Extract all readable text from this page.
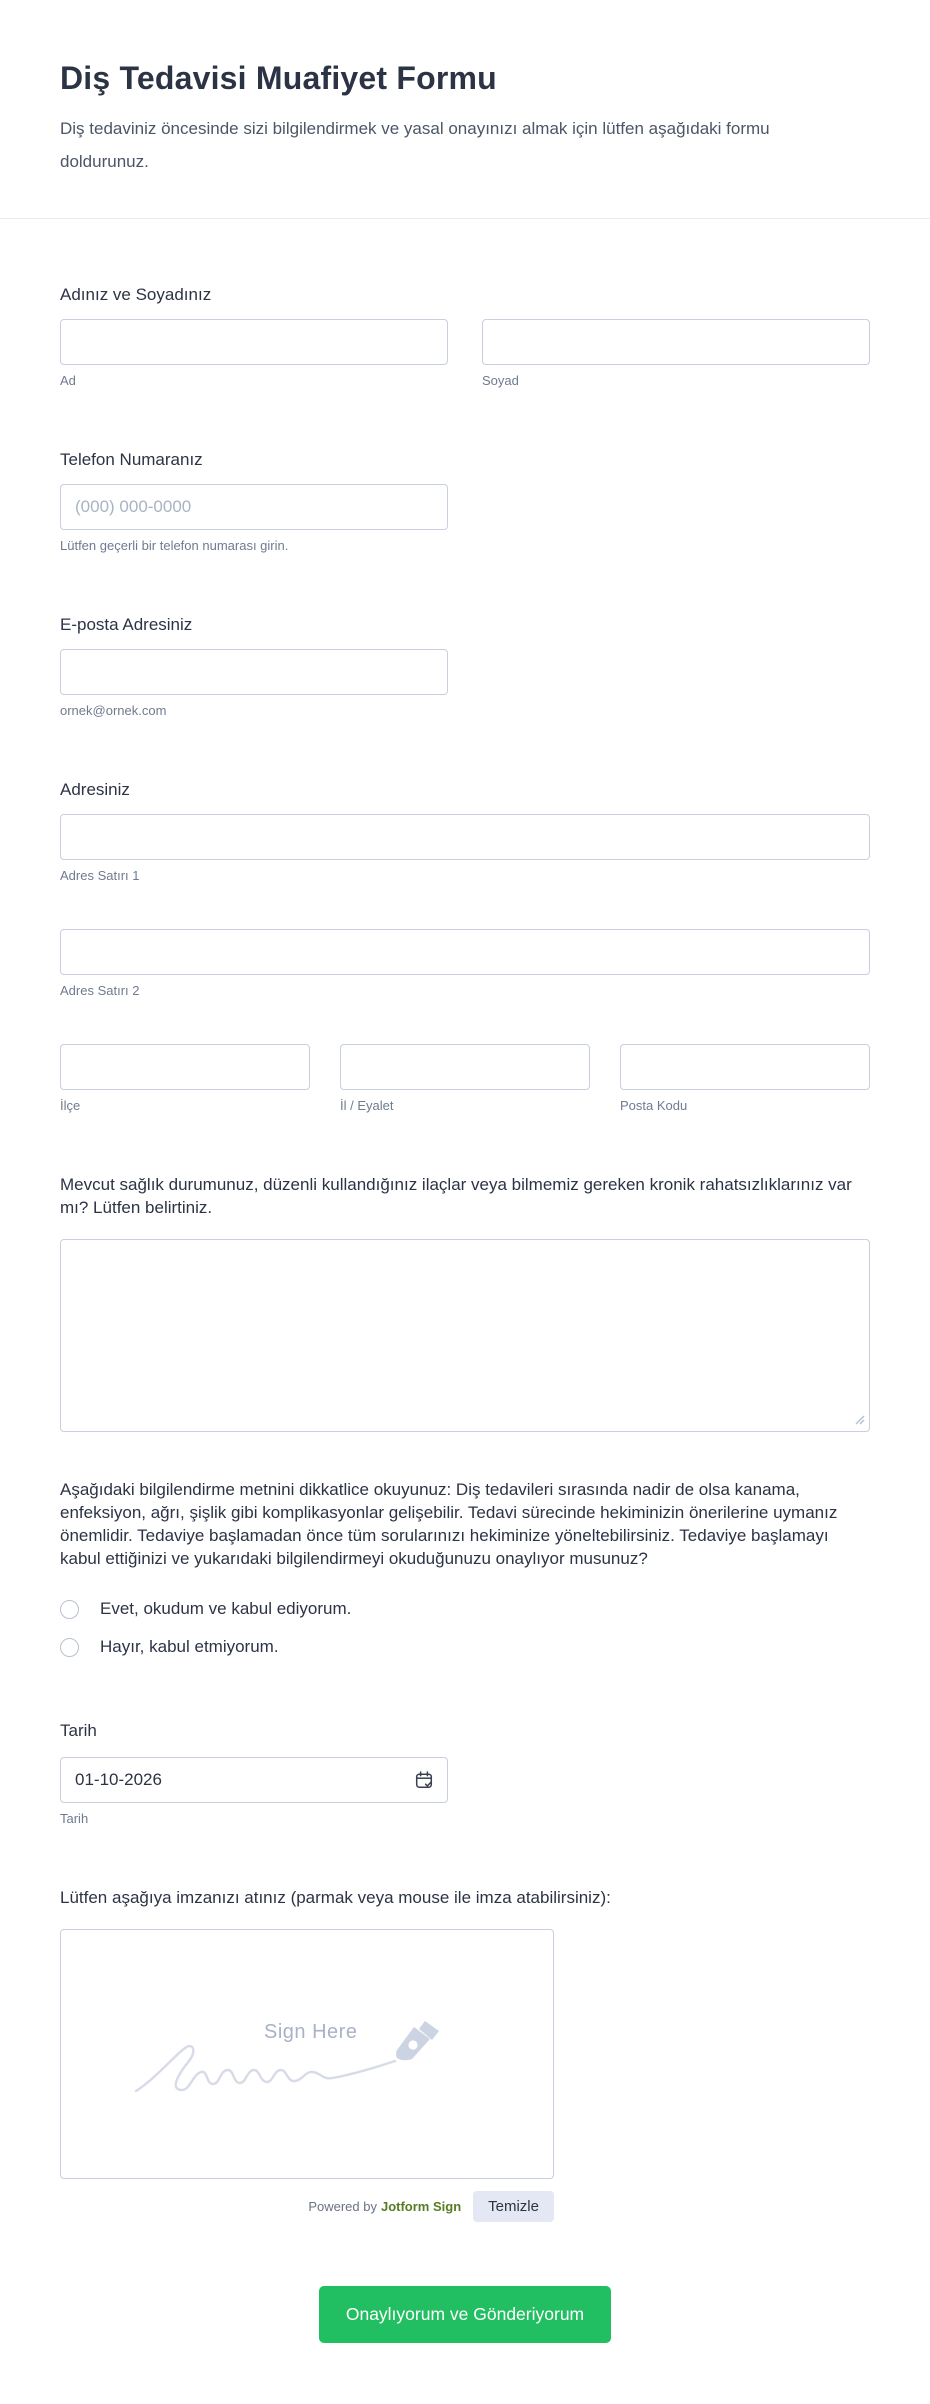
Diş Tedavisi Muafiyet Formu

Diş tedaviniz öncesinde sizi bilgilendirmek ve yasal onayınızı almak için lütfen aşağıdaki formu doldurunuz.

Adınız ve Soyadınız
Ad	Soyad
Telefon Numaranız
(000) 000-0000
Lütfen geçerli bir telefon numarası girin.
E-posta Adresiniz
ornek@ornek.com
Adresiniz
Adres Satırı 1
Adres Satırı 2
İlçe	İl / Eyalet	Posta Kodu
Mevcut sağlık durumunuz, düzenli kullandığınız ilaçlar veya bilmemiz gereken kronik rahatsızlıklarınız var mı? Lütfen belirtiniz.
Aşağıdaki bilgilendirme metnini dikkatlice okuyunuz: Diş tedavileri sırasında nadir de olsa kanama, enfeksiyon, ağrı, şişlik gibi komplikasyonlar gelişebilir. Tedavi sürecinde hekiminizin önerilerine uymanız önemlidir. Tedaviye başlamadan önce tüm sorularınızı hekiminize yöneltebilirsiniz. Tedaviye başlamayı kabul ettiğinizi ve yukarıdaki bilgilendirmeyi okuduğunuzu onaylıyor musunuz?
Evet, okudum ve kabul ediyorum.
Hayır, kabul etmiyorum.
Tarih
01-10-2026
Tarih
Lütfen aşağıya imzanızı atınız (parmak veya mouse ile imza atabilirsiniz):
Sign Here
Powered by Jotform Sign	Temizle
Onaylıyorum ve Gönderiyorum
